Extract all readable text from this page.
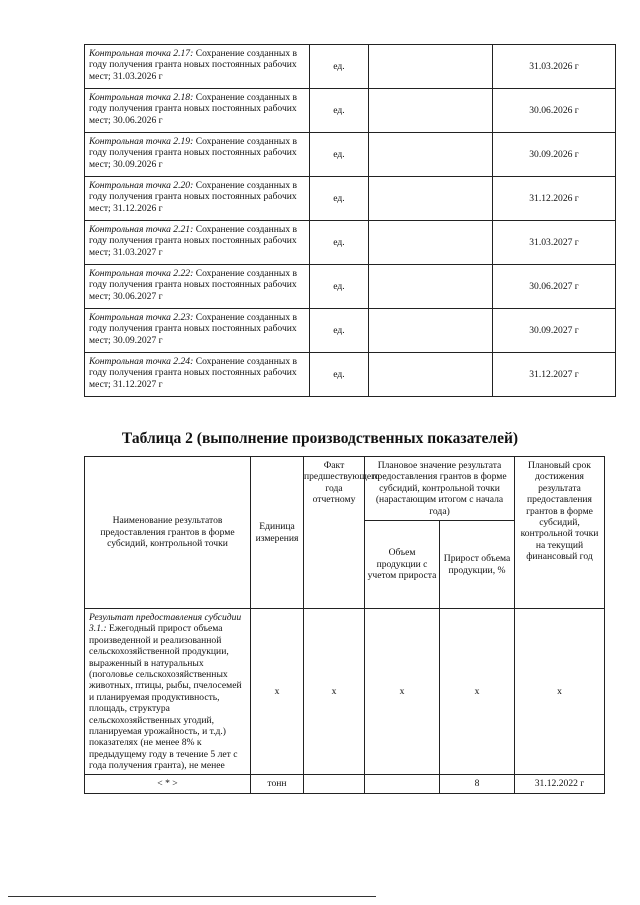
Контрольная точка 2.17: Сохранение созданных в году получения гранта новых постоянных рабочих мест; 31.03.2026 г	ед.		31.03.2026 г
Контрольная точка 2.18: Сохранение созданных в году получения гранта новых постоянных рабочих мест; 30.06.2026 г	ед.		30.06.2026 г
Контрольная точка 2.19: Сохранение созданных в году получения гранта новых постоянных рабочих мест; 30.09.2026 г	ед.		30.09.2026 г
Контрольная точка 2.20: Сохранение созданных в году получения гранта новых постоянных рабочих мест; 31.12.2026 г	ед.		31.12.2026 г
Контрольная точка 2.21: Сохранение созданных в году получения гранта новых постоянных рабочих мест; 31.03.2027 г	ед.		31.03.2027 г
Контрольная точка 2.22: Сохранение созданных в году получения гранта новых постоянных рабочих мест; 30.06.2027 г	ед.		30.06.2027 г
Контрольная точка 2.23: Сохранение созданных в году получения гранта новых постоянных рабочих мест; 30.09.2027 г	ед.		30.09.2027 г
Контрольная точка 2.24: Сохранение созданных в году получения гранта новых постоянных рабочих мест; 31.12.2027 г	ед.		31.12.2027 г
Таблица 2 (выполнение производственных показателей)
Наименование результатов предоставления грантов в форме субсидий, контрольной точки	Единица измерения	Факт предшествующего года отчетному	Плановое значение результата предоставления грантов в форме субсидий, контрольной точки (нарастающим итогом с начала года)		Плановый срок достижения результата предоставления грантов в форме субсидий, контрольной точки на текущий финансовый год
			Объем продукции с учетом прироста	Прирост объема продукции, %	
Результат предоставления субсидии 3.1.: Ежегодный прирост объема произведенной и реализованной сельскохозяйственной продукции, выраженный в натуральных (поголовье сельскохозяйственных животных, птицы, рыбы, пчелосемей и планируемая продуктивность, площадь, структура сельскохозяйственных угодий, планируемая урожайность, и т.д.) показателях (не менее 8% к предыдущему году в течение 5 лет с года получения гранта), не менее	х	х	х	х	х
< * >	тонн			8	31.12.2022 г
